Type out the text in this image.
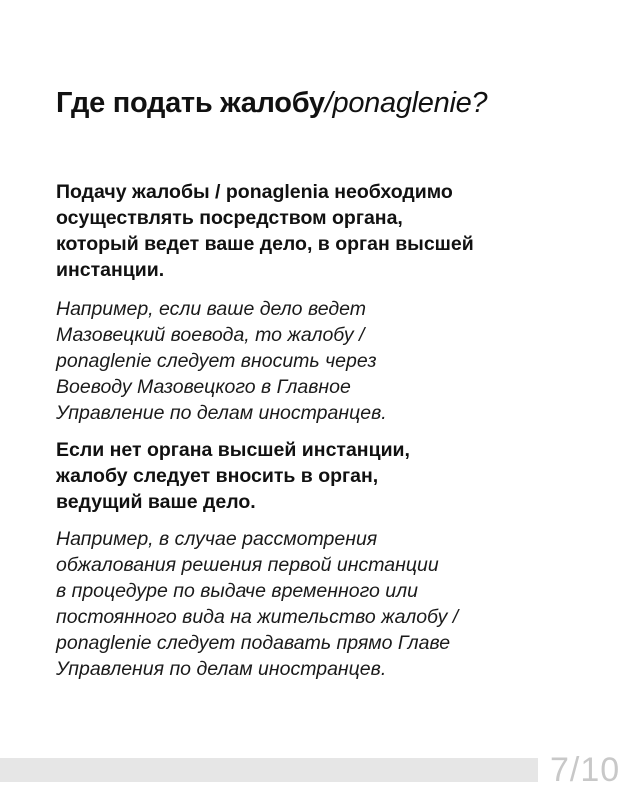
Где подать жалобу/ponaglenie?

Подачу жалобы / ponaglenia необходимо
осуществлять посредством органа,
который ведет ваше дело, в орган высшей
инстанции.

Например, если ваше дело ведет
Мазовецкий воевода, то жалобу /
ponaglenie следует вносить через
Воеводу Мазовецкого в Главное
Управление по делам иностранцев.

Если нет органа высшей инстанции,
жалобу следует вносить в орган,
ведущий ваше дело.

Например, в случае рассмотрения
обжалования решения первой инстанции
в процедуре по выдаче временного или
постоянного вида на жительство жалобу /
ponaglenie следует подавать прямо Главе
Управления по делам иностранцев.

7/10
